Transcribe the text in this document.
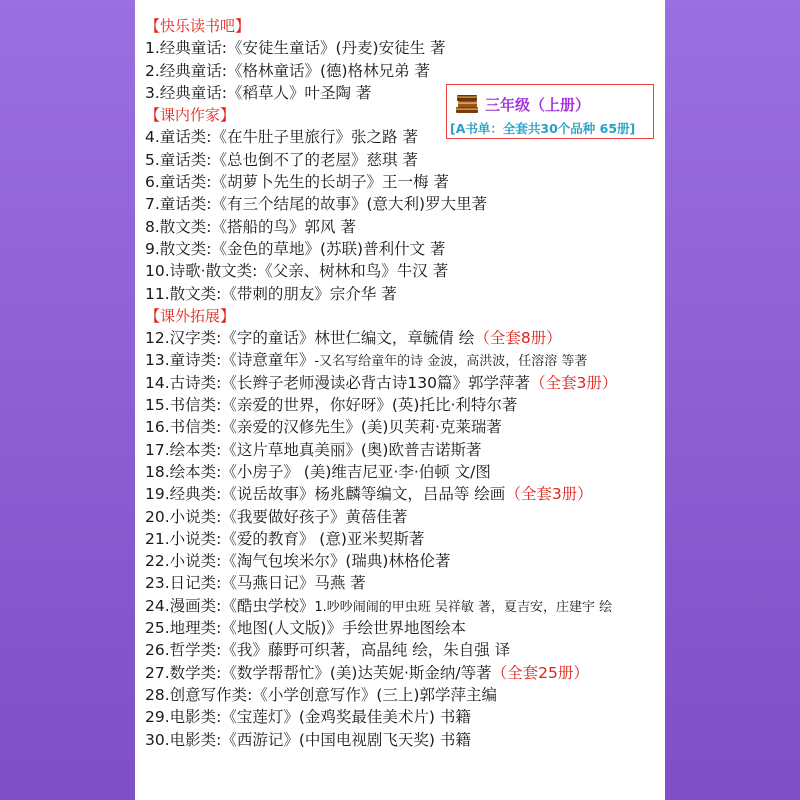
【快乐读书吧】
1.经典童话:《安徒生童话》(丹麦)安徒生 著
2.经典童话:《格林童话》(德)格林兄弟 著
3.经典童话:《稻草人》叶圣陶 著
【课内作家】
4.童话类:《在牛肚子里旅行》张之路 著
5.童话类:《总也倒不了的老屋》慈琪 著
6.童话类:《胡萝卜先生的长胡子》王一梅 著
7.童话类:《有三个结尾的故事》(意大利)罗大里著
8.散文类:《搭船的鸟》郭风 著
9.散文类:《金色的草地》(苏联)普利什文 著
10.诗歌·散文类:《父亲、树林和鸟》牛汉 著
11.散文类:《带刺的朋友》宗介华 著
【课外拓展】
12.汉字类:《字的童话》林世仁编文，章毓倩 绘（全套8册）
13.童诗类:《诗意童年》-又名写给童年的诗 金波，高洪波，任溶溶 等著
14.古诗类:《长辫子老师漫读必背古诗130篇》郭学萍著（全套3册）
15.书信类:《亲爱的世界，你好呀》(英)托比·利特尔著
16.书信类:《亲爱的汉修先生》(美)贝芙莉·克莱瑞著
17.绘本类:《这片草地真美丽》(奥)欧普吉诺斯著
18.绘本类:《小房子》 (美)维吉尼亚·李·伯顿 文/图
19.经典类:《说岳故事》杨兆麟等编文，吕品等 绘画（全套3册）
20.小说类:《我要做好孩子》黄蓓佳著
21.小说类:《爱的教育》 (意)亚米契斯著
22.小说类:《淘气包埃米尔》(瑞典)林格伦著
23.日记类:《马燕日记》马燕 著
24.漫画类:《酷虫学校》1.吵吵闹闹的甲虫班 吴祥敏 著，夏吉安，庄建宇 绘
25.地理类:《地图(人文版)》手绘世界地图绘本
26.哲学类:《我》藤野可织著，高晶纯 绘，朱自强 译
27.数学类:《数学帮帮忙》(美)达芙妮·斯金纳/等著（全套25册）
28.创意写作类:《小学创意写作》(三上)郭学萍主编
29.电影类:《宝莲灯》(金鸡奖最佳美术片) 书籍
30.电影类:《西游记》(中国电视剧飞天奖) 书籍
三年级（上册）
[A书单：全套共30个品种 65册]
